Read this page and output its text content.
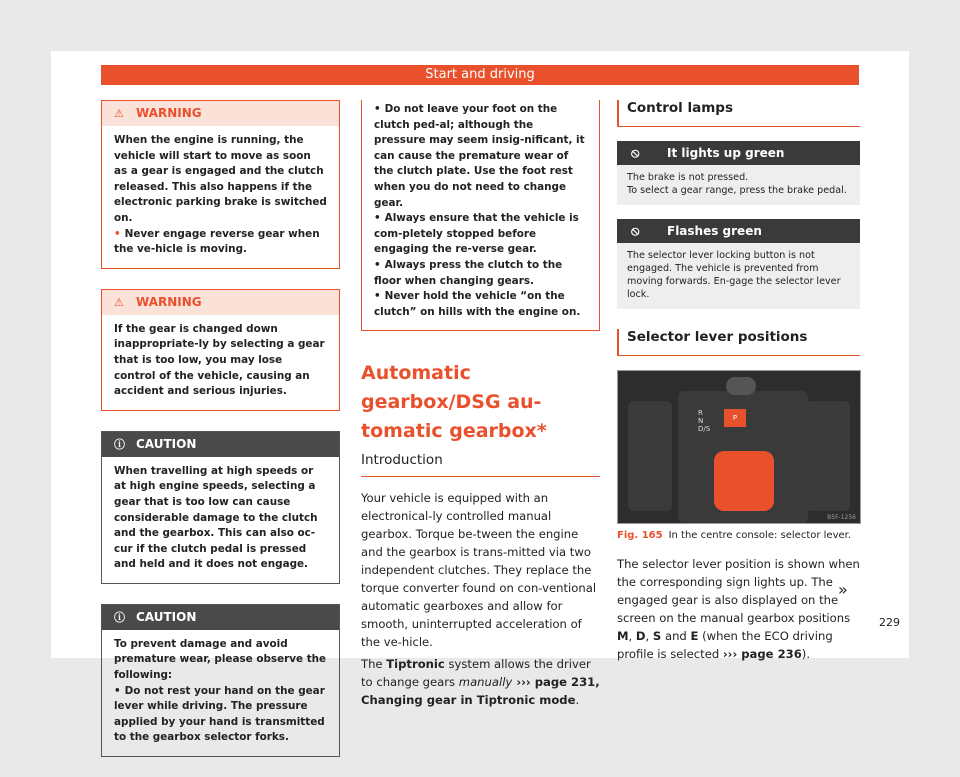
Start and driving
⚠ WARNING
When the engine is running, the vehicle will start to move as soon as a gear is engaged and the clutch released. This also happens if the electronic parking brake is switched on.
• Never engage reverse gear when the ve-hicle is moving.
⚠ WARNING
If the gear is changed down inappropriate-ly by selecting a gear that is too low, you may lose control of the vehicle, causing an accident and serious injuries.
ⓘ CAUTION
When travelling at high speeds or at high engine speeds, selecting a gear that is too low can cause considerable damage to the clutch and the gearbox. This can also oc-cur if the clutch pedal is pressed and held and it does not engage.
ⓘ CAUTION
To prevent damage and avoid premature wear, please observe the following:
• Do not rest your hand on the gear lever while driving. The pressure applied by your hand is transmitted to the gearbox selector forks.
• Do not leave your foot on the clutch ped-al; although the pressure may seem insig-nificant, it can cause the premature wear of the clutch plate. Use the foot rest when you do not need to change gear.
• Always ensure that the vehicle is com-pletely stopped before engaging the re-verse gear.
• Always press the clutch to the floor when changing gears.
• Never hold the vehicle “on the clutch” on hills with the engine on.
Automatic gearbox/DSG au-tomatic gearbox*
Introduction

Your vehicle is equipped with an electronical-ly controlled manual gearbox. Torque be-tween the engine and the gearbox is trans-mitted via two independent clutches. They replace the torque converter found on con-ventional automatic gearboxes and allow for smooth, uninterrupted acceleration of the ve-hicle.

The Tiptronic system allows the driver to change gears manually ››› page 231, Changing gear in Tiptronic mode.

Control lamps
⦸ It lights up green
The brake is not pressed.
To select a gear range, press the brake pedal.
⦸ Flashes green
The selector lever locking button is not engaged. The vehicle is prevented from moving forwards. En-gage the selector lever lock.
Selector lever positions
R
N
D/S
P
B5F-1256
Fig. 165 In the centre console: selector lever.

The selector lever position is shown when the corresponding sign lights up. The engaged gear is also displayed on the screen on the manual gearbox positions M, D, S and E (when the ECO driving profile is selected ››› page 236).

»
229
